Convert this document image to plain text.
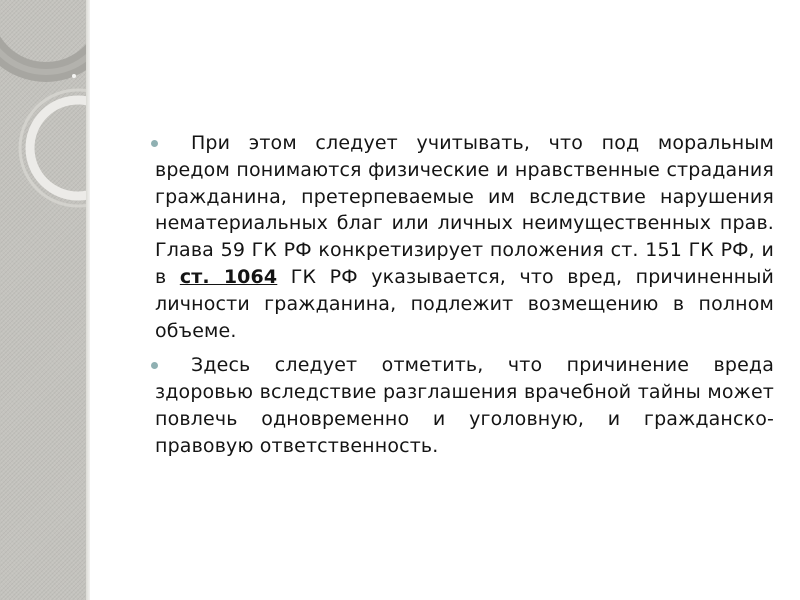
При этом следует учитывать, что под моральным вредом понимаются физические и нравственные страдания гражданина, претерпеваемые им вследствие нарушения нематериальных благ или личных неимущественных прав. Глава 59 ГК РФ конкретизирует положения ст. 151 ГК РФ, и в ст. 1064 ГК РФ указывается, что вред, причиненный личности гражданина, подлежит возмещению в полном объеме.

Здесь следует отметить, что причинение вреда здоровью вследствие разглашения врачебной тайны может повлечь одновременно и уголовную, и гражданско-правовую ответственность.
